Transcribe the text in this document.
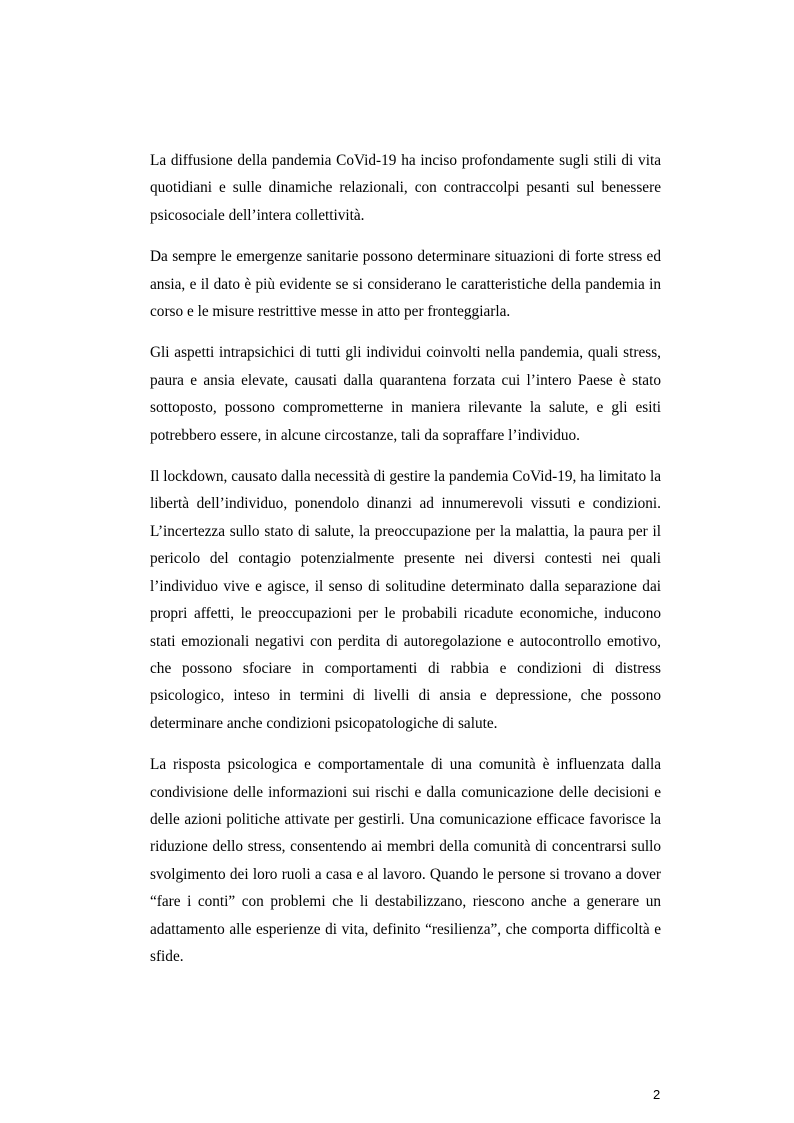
La diffusione della pandemia CoVid-19 ha inciso profondamente sugli stili di vita quotidiani e sulle dinamiche relazionali, con contraccolpi pesanti sul benessere psicosociale dell’intera collettività.

Da sempre le emergenze sanitarie possono determinare situazioni di forte stress ed ansia, e il dato è più evidente se si considerano le caratteristiche della pandemia in corso e le misure restrittive messe in atto per fronteggiarla.

Gli aspetti intrapsichici di tutti gli individui coinvolti nella pandemia, quali stress, paura e ansia elevate, causati dalla quarantena forzata cui l’intero Paese è stato sottoposto, possono comprometterne in maniera rilevante la salute, e gli esiti potrebbero essere, in alcune circostanze, tali da sopraffare l’individuo.

Il lockdown, causato dalla necessità di gestire la pandemia CoVid-19, ha limitato la libertà dell’individuo, ponendolo dinanzi ad innumerevoli vissuti e condizioni. L’incertezza sullo stato di salute, la preoccupazione per la malattia, la paura per il pericolo del contagio potenzialmente presente nei diversi contesti nei quali l’individuo vive e agisce, il senso di solitudine determinato dalla separazione dai propri affetti, le preoccupazioni per le probabili ricadute economiche, inducono stati emozionali negativi con perdita di autoregolazione e autocontrollo emotivo, che possono sfociare in comportamenti di rabbia e condizioni di distress psicologico, inteso in termini di livelli di ansia e depressione, che possono determinare anche condizioni psicopatologiche di salute.

La risposta psicologica e comportamentale di una comunità è influenzata dalla condivisione delle informazioni sui rischi e dalla comunicazione delle decisioni e delle azioni politiche attivate per gestirli. Una comunicazione efficace favorisce la riduzione dello stress, consentendo ai membri della comunità di concentrarsi sullo svolgimento dei loro ruoli a casa e al lavoro. Quando le persone si trovano a dover “fare i conti” con problemi che li destabilizzano, riescono anche a generare un adattamento alle esperienze di vita, definito “resilienza”, che comporta difficoltà e sfide.

2
